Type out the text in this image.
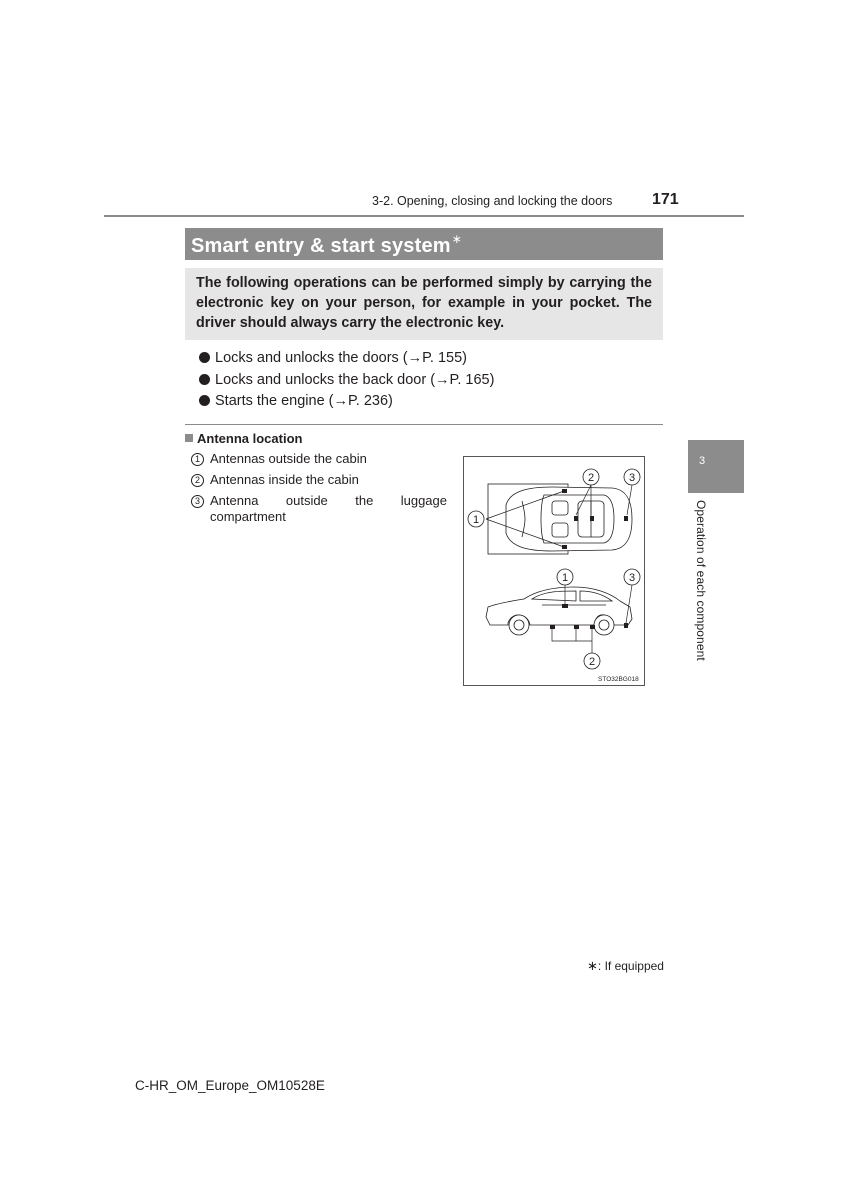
3-2. Opening, closing and locking the doors 171
Smart entry & start system∗
The following operations can be performed simply by carrying the electronic key on your person, for example in your pocket. The driver should always carry the electronic key.
Locks and unlocks the doors (→P. 155)
Locks and unlocks the back door (→P. 165)
Starts the engine (→P. 236)
Antenna location
1 Antennas outside the cabin
2 Antennas inside the cabin
3 Antenna outside the luggage compartment
2	3
1
1	3
2
STO32BG018
3
Operation of each component
∗: If equipped
C-HR_OM_Europe_OM10528E
